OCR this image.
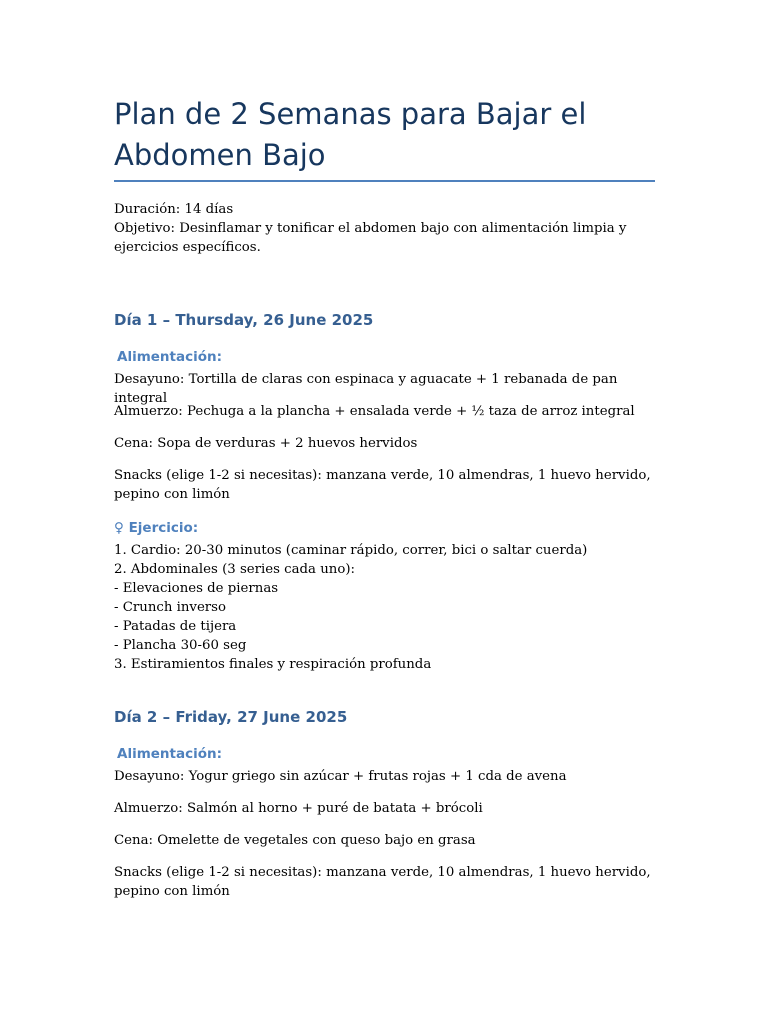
Plan de 2 Semanas para Bajar el Abdomen Bajo

Duración: 14 días

Objetivo: Desinflamar y tonificar el abdomen bajo con alimentación limpia y ejercicios específicos.

Día 1 – Thursday, 26 June 2025
Alimentación:

Desayuno: Tortilla de claras con espinaca y aguacate + 1 rebanada de pan integral

Almuerzo: Pechuga a la plancha + ensalada verde + ½ taza de arroz integral

Cena: Sopa de verduras + 2 huevos hervidos

Snacks (elige 1-2 si necesitas): manzana verde, 10 almendras, 1 huevo hervido, pepino con limón

♀ Ejercicio:

1. Cardio: 20-30 minutos (caminar rápido, correr, bici o saltar cuerda)

2. Abdominales (3 series cada uno):

- Elevaciones de piernas

- Crunch inverso

- Patadas de tijera

- Plancha 30-60 seg

3. Estiramientos finales y respiración profunda

Día 2 – Friday, 27 June 2025
Alimentación:

Desayuno: Yogur griego sin azúcar + frutas rojas + 1 cda de avena

Almuerzo: Salmón al horno + puré de batata + brócoli

Cena: Omelette de vegetales con queso bajo en grasa

Snacks (elige 1-2 si necesitas): manzana verde, 10 almendras, 1 huevo hervido, pepino con limón
